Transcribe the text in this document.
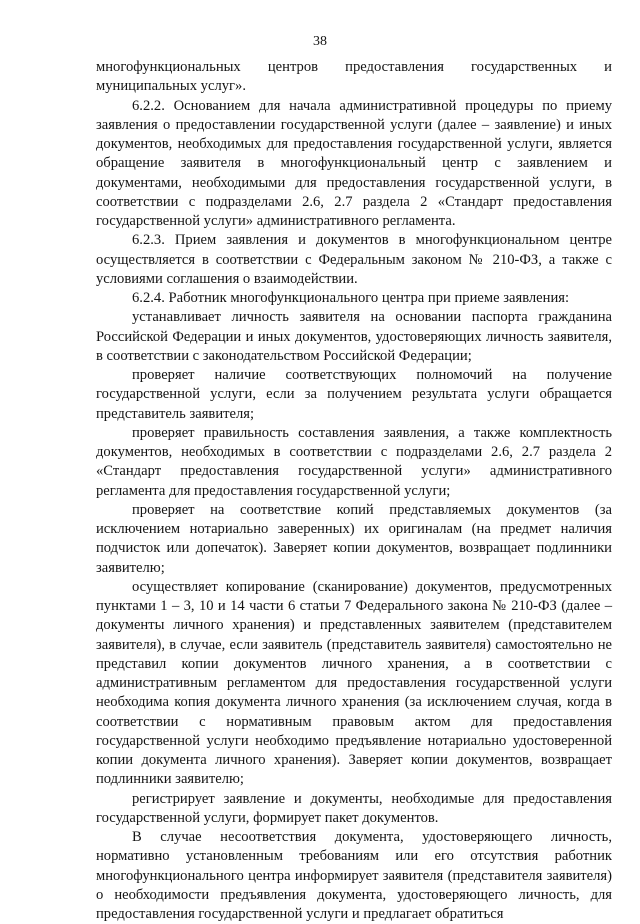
38

многофункциональных центров предоставления государственных и муниципальных услуг».

6.2.2. Основанием для начала административной процедуры по приему заявления о предоставлении государственной услуги (далее – заявление) и иных документов, необходимых для предоставления государственной услуги, является обращение заявителя в многофункциональный центр с заявлением и документами, необходимыми для предоставления государственной услуги, в соответствии с подразделами 2.6, 2.7 раздела 2 «Стандарт предоставления государственной услуги» административного регламента.

6.2.3. Прием заявления и документов в многофункциональном центре осуществляется в соответствии с Федеральным законом № 210-ФЗ, а также с условиями соглашения о взаимодействии.

6.2.4. Работник многофункционального центра при приеме заявления:

устанавливает личность заявителя на основании паспорта гражданина Российской Федерации и иных документов, удостоверяющих личность заявителя, в соответствии с законодательством Российской Федерации;

проверяет наличие соответствующих полномочий на получение государственной услуги, если за получением результата услуги обращается представитель заявителя;

проверяет правильность составления заявления, а также комплектность документов, необходимых в соответствии с подразделами 2.6, 2.7 раздела 2 «Стандарт предоставления государственной услуги» административного регламента для предоставления государственной услуги;

проверяет на соответствие копий представляемых документов (за исключением нотариально заверенных) их оригиналам (на предмет наличия подчисток или допечаток). Заверяет копии документов, возвращает подлинники заявителю;

осуществляет копирование (сканирование) документов, предусмотренных пунктами 1 – 3, 10 и 14 части 6 статьи 7 Федерального закона № 210-ФЗ (далее – документы личного хранения) и представленных заявителем (представителем заявителя), в случае, если заявитель (представитель заявителя) самостоятельно не представил копии документов личного хранения, а в соответствии с административным регламентом для предоставления государственной услуги необходима копия документа личного хранения (за исключением случая, когда в соответствии с нормативным правовым актом для предоставления государственной услуги необходимо предъявление нотариально удостоверенной копии документа личного хранения). Заверяет копии документов, возвращает подлинники заявителю;

регистрирует заявление и документы, необходимые для предоставления государственной услуги, формирует пакет документов.

В случае несоответствия документа, удостоверяющего личность, нормативно установленным требованиям или его отсутствия работник многофункционального центра информирует заявителя (представителя заявителя) о необходимости предъявления документа, удостоверяющего личность, для предоставления государственной услуги и предлагает обратиться
